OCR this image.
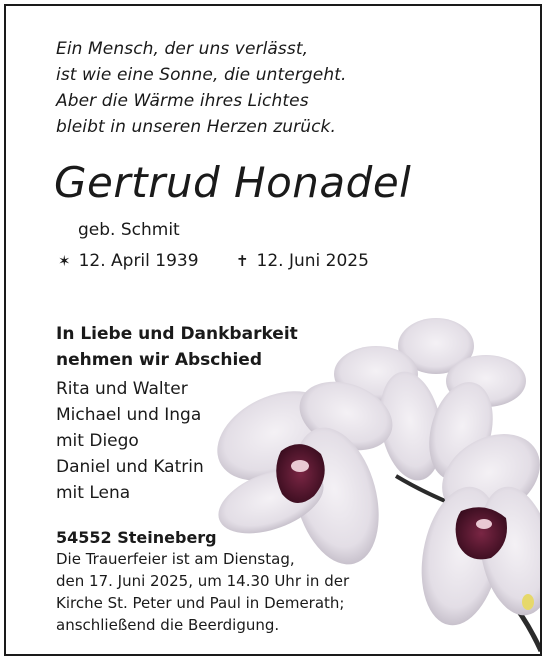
Ein Mensch, der uns verlässt,
ist wie eine Sonne, die untergeht.
Aber die Wärme ihres Lichtes
bleibt in unseren Herzen zurück.
Gertrud Honadel
geb. Schmit
✶ 12. April 1939 ✝ 12. Juni 2025
In Liebe und Dankbarkeit
nehmen wir Abschied
Rita und Walter
Michael und Inga
mit Diego
Daniel und Katrin
mit Lena
54552 Steineberg
Die Trauerfeier ist am Dienstag,
den 17. Juni 2025, um 14.30 Uhr in der
Kirche St. Peter und Paul in Demerath;
anschließend die Beerdigung.
